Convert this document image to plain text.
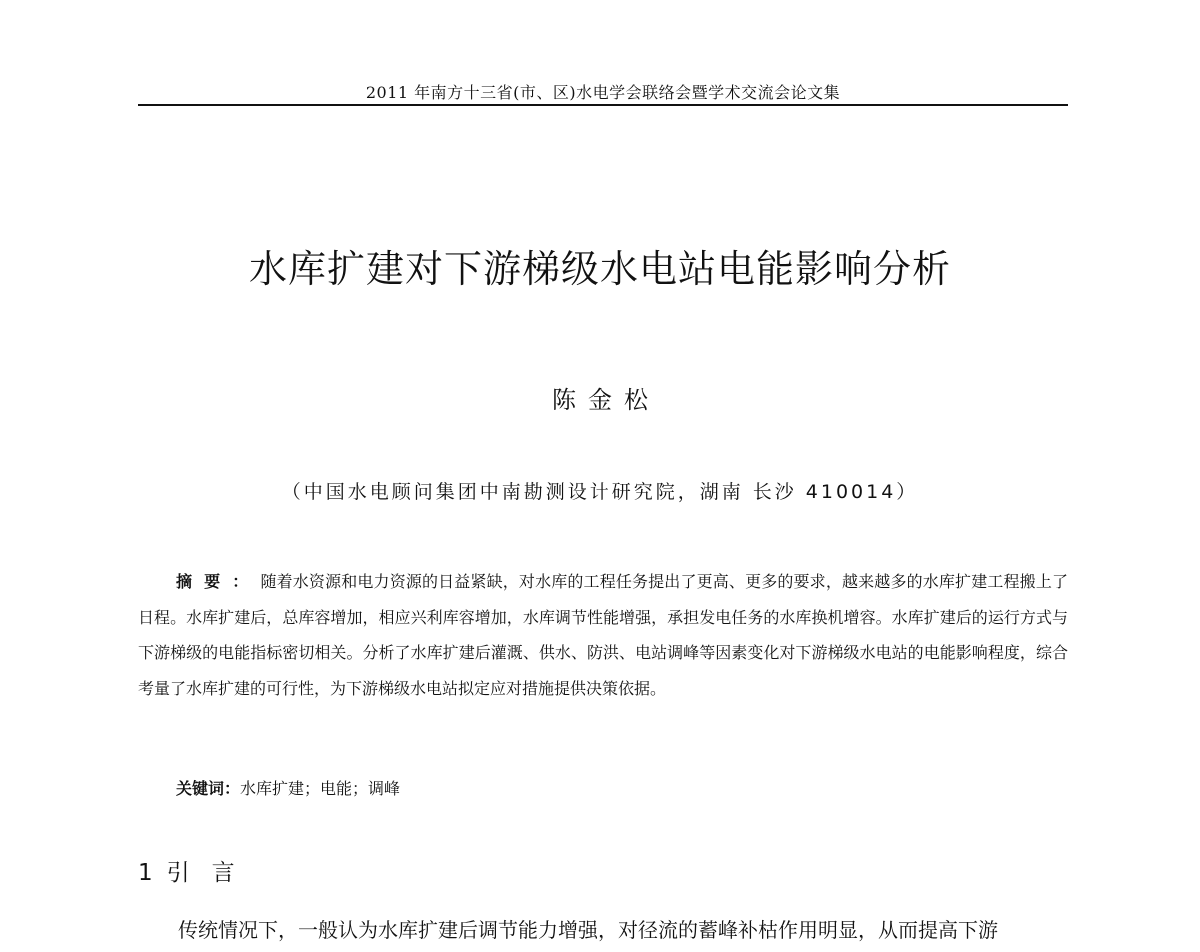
2011 年南方十三省(市、区)水电学会联络会暨学术交流会论文集
水库扩建对下游梯级水电站电能影响分析
陈金松
（中国水电顾问集团中南勘测设计研究院，湖南 长沙 410014）

摘要：随着水资源和电力资源的日益紧缺，对水库的工程任务提出了更高、更多的要求，越来越多的水库扩建工程搬上了日程。水库扩建后，总库容增加，相应兴利库容增加，水库调节性能增强，承担发电任务的水库换机增容。水库扩建后的运行方式与下游梯级的电能指标密切相关。分析了水库扩建后灌溉、供水、防洪、电站调峰等因素变化对下游梯级水电站的电能影响程度，综合考量了水库扩建的可行性，为下游梯级水电站拟定应对措施提供决策依据。

关键词：水库扩建；电能；调峰

1 引言

传统情况下，一般认为水库扩建后调节能力增强，对径流的蓄峰补枯作用明显，从而提高下游
